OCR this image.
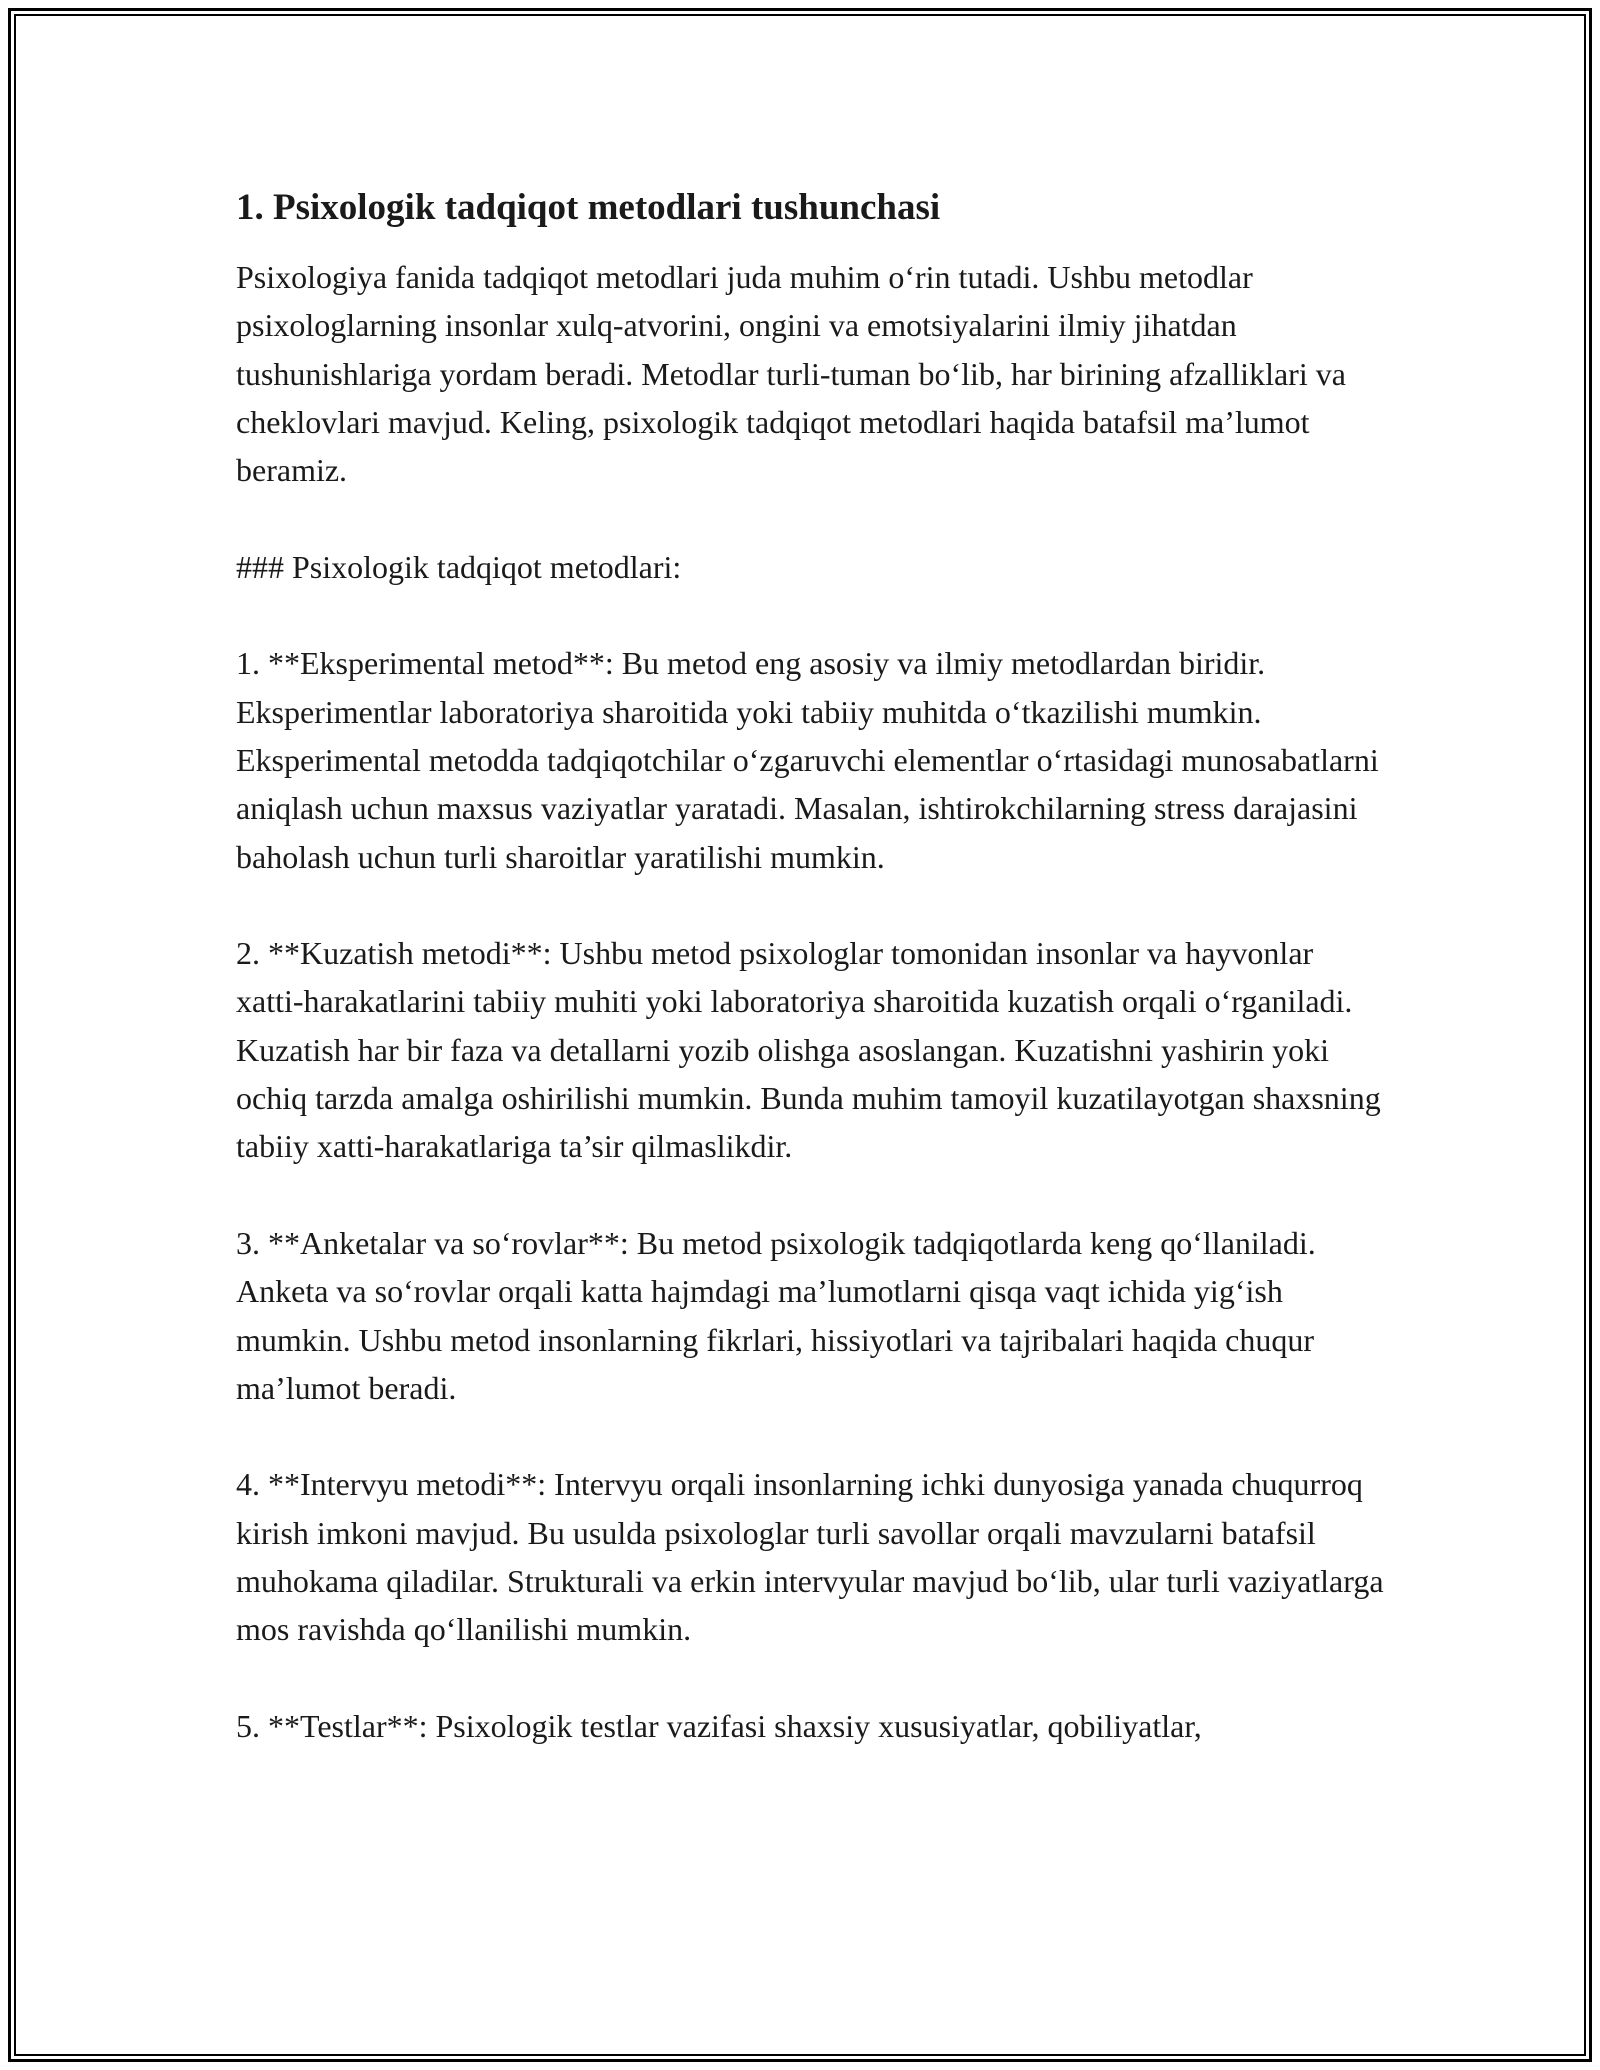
1. Psixologik tadqiqot metodlari tushunchasi

Psixologiya fanida tadqiqot metodlari juda muhim o‘rin tutadi. Ushbu metodlar psixologlarning insonlar xulq-atvorini, ongini va emotsiyalarini ilmiy jihatdan tushunishlariga yordam beradi. Metodlar turli-tuman bo‘lib, har birining afzalliklari va cheklovlari mavjud. Keling, psixologik tadqiqot metodlari haqida batafsil ma’lumot beramiz.

### Psixologik tadqiqot metodlari:

1. **Eksperimental metod**: Bu metod eng asosiy va ilmiy metodlardan biridir. Eksperimentlar laboratoriya sharoitida yoki tabiiy muhitda o‘tkazilishi mumkin. Eksperimental metodda tadqiqotchilar o‘zgaruvchi elementlar o‘rtasidagi munosabatlarni aniqlash uchun maxsus vaziyatlar yaratadi. Masalan, ishtirokchilarning stress darajasini baholash uchun turli sharoitlar yaratilishi mumkin.

2. **Kuzatish metodi**: Ushbu metod psixologlar tomonidan insonlar va hayvonlar xatti-harakatlarini tabiiy muhiti yoki laboratoriya sharoitida kuzatish orqali o‘rganiladi. Kuzatish har bir faza va detallarni yozib olishga asoslangan. Kuzatishni yashirin yoki ochiq tarzda amalga oshirilishi mumkin. Bunda muhim tamoyil kuzatilayotgan shaxsning tabiiy xatti-harakatlariga ta’sir qilmaslikdir.

3. **Anketalar va so‘rovlar**: Bu metod psixologik tadqiqotlarda keng qo‘llaniladi. Anketa va so‘rovlar orqali katta hajmdagi ma’lumotlarni qisqa vaqt ichida yig‘ish mumkin. Ushbu metod insonlarning fikrlari, hissiyotlari va tajribalari haqida chuqur ma’lumot beradi.

4. **Intervyu metodi**: Intervyu orqali insonlarning ichki dunyosiga yanada chuqurroq kirish imkoni mavjud. Bu usulda psixologlar turli savollar orqali mavzularni batafsil muhokama qiladilar. Strukturali va erkin intervyular mavjud bo‘lib, ular turli vaziyatlarga mos ravishda qo‘llanilishi mumkin.

5. **Testlar**: Psixologik testlar vazifasi shaxsiy xususiyatlar, qobiliyatlar,
